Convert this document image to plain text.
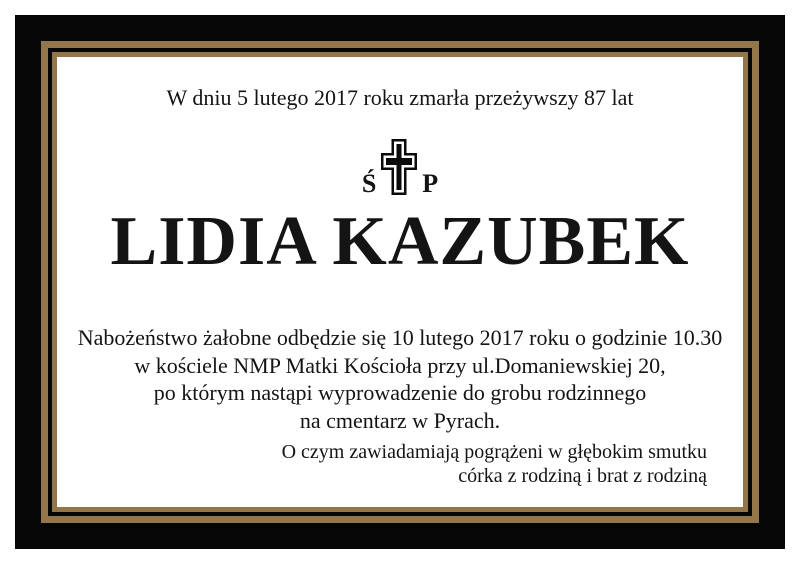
W dniu 5 lutego 2017 roku zmarła przeżywszy 87 lat
Ś P
LIDIA KAZUBEK
Nabożeństwo żałobne odbędzie się 10 lutego 2017 roku o godzinie 10.30
w kościele NMP Matki Kościoła przy ul.Domaniewskiej 20,
po którym nastąpi wyprowadzenie do grobu rodzinnego
na cmentarz w Pyrach.
O czym zawiadamiają pogrążeni w głębokim smutku
córka z rodziną i brat z rodziną
